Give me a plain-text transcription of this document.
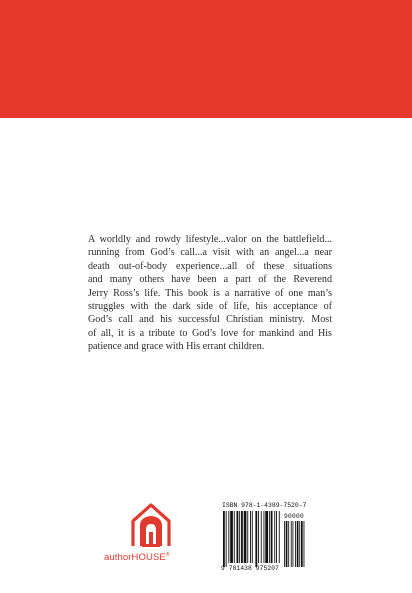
A worldly and rowdy lifestyle...valor on the battlefield...
running from God’s call...a visit with an angel...a near
death out-of-body experience...all of these situations
and many others have been a part of the Reverend
Jerry Ross’s life. This book is a narrative of one man’s
struggles with the dark side of life, his acceptance of
God’s call and his successful Christian ministry. Most
of all, it is a tribute to God’s love for mankind and His
patience and grace with His errant children.

authorHOUSE®
ISBN 978-1-4389-7520-7
90000
9 781438 975207
